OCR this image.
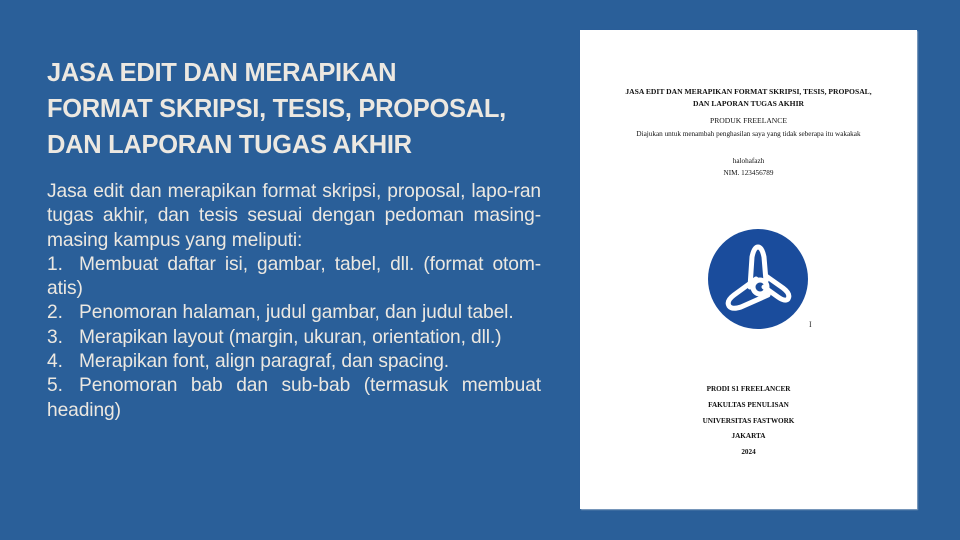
JASA EDIT DAN MERAPIKAN
FORMAT SKRIPSI, TESIS, PROPOSAL,
DAN LAPORAN TUGAS AKHIR
Jasa edit dan merapikan format skripsi, proposal, lapo-ran tugas akhir, dan tesis sesuai dengan pedoman masing-masing kampus yang meliputi:
1. Membuat daftar isi, gambar, tabel, dll. (format otom-atis)
2. Penomoran halaman, judul gambar, dan judul tabel.
3. Merapikan layout (margin, ukuran, orientation, dll.)
4. Merapikan font, align paragraf, dan spacing.
5. Penomoran bab dan sub-bab (termasuk membuat heading)
JASA EDIT DAN MERAPIKAN FORMAT SKRIPSI, TESIS, PROPOSAL,
DAN LAPORAN TUGAS AKHIR
PRODUK FREELANCE
Diajukan untuk menambah penghasilan saya yang tidak seberapa itu wakakak
halohafazh
NIM. 123456789
I
PRODI S1 FREELANCER
FAKULTAS PENULISAN
UNIVERSITAS FASTWORK
JAKARTA
2024
